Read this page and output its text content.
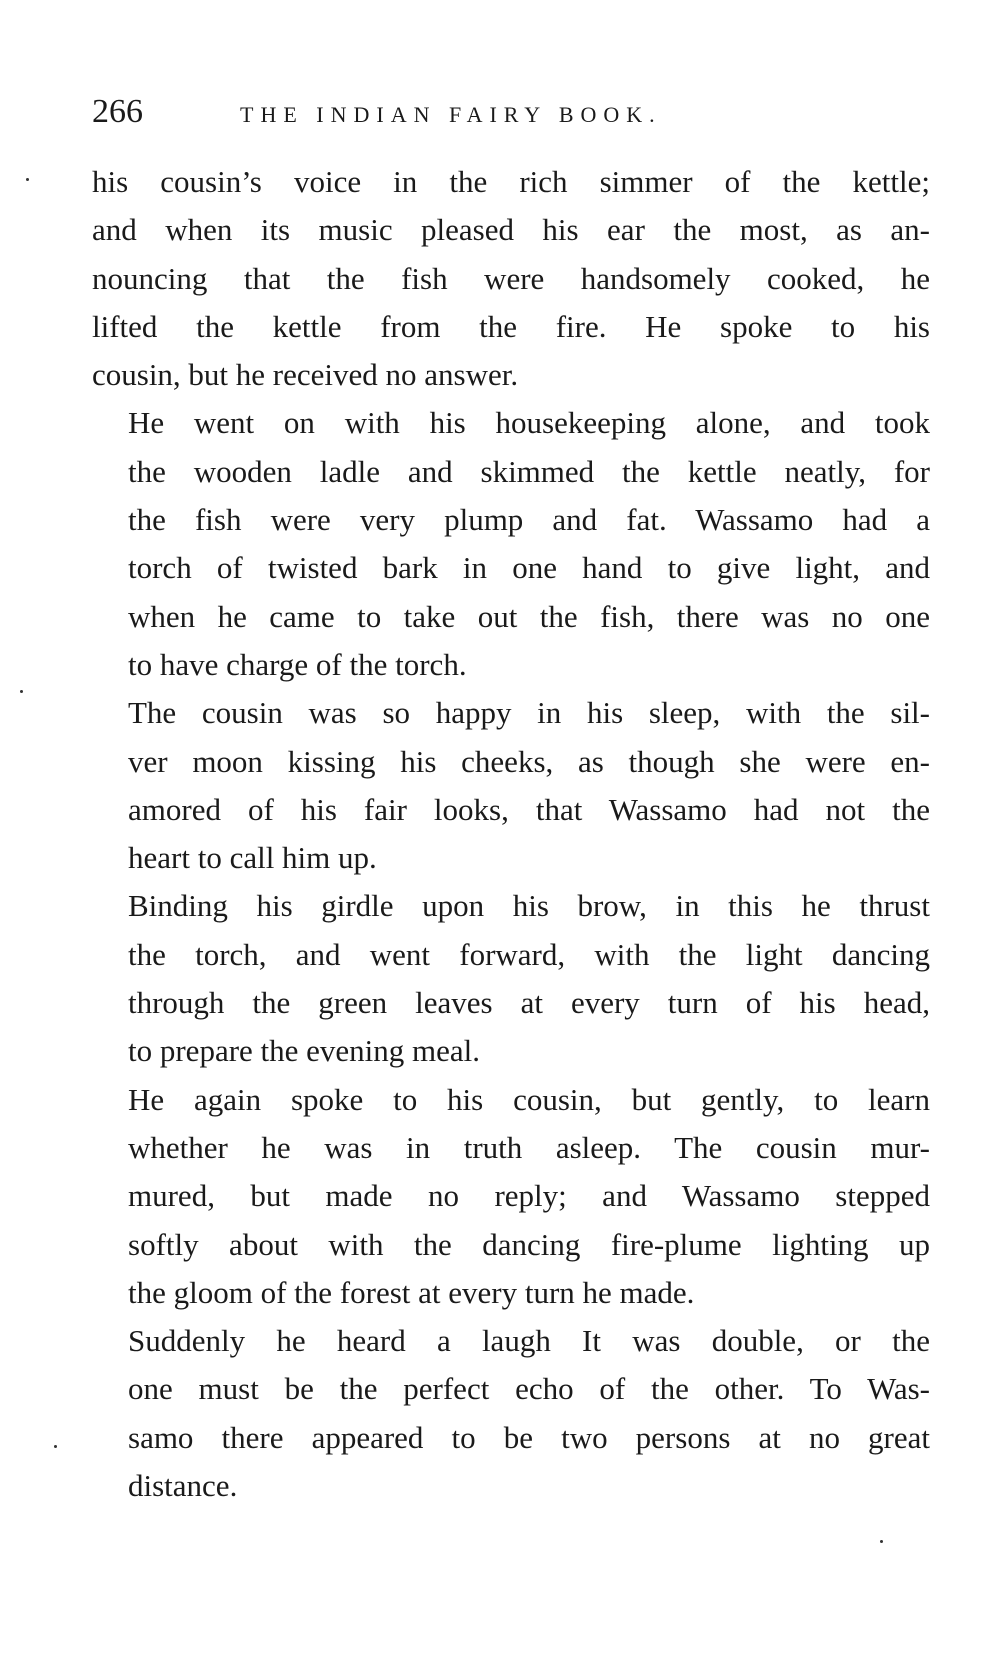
266	THE INDIAN FAIRY BOOK.

his cousin’s voice in the rich simmer of the kettle;
and when its music pleased his ear the most, as an-
nouncing that the fish were handsomely cooked, he
lifted the kettle from the fire. He spoke to his
cousin, but he received no answer.

He went on with his housekeeping alone, and took
the wooden ladle and skimmed the kettle neatly, for
the fish were very plump and fat. Wassamo had a
torch of twisted bark in one hand to give light, and
when he came to take out the fish, there was no one
to have charge of the torch.

The cousin was so happy in his sleep, with the sil-
ver moon kissing his cheeks, as though she were en-
amored of his fair looks, that Wassamo had not the
heart to call him up.

Binding his girdle upon his brow, in this he thrust
the torch, and went forward, with the light dancing
through the green leaves at every turn of his head,
to prepare the evening meal.

He again spoke to his cousin, but gently, to learn
whether he was in truth asleep. The cousin mur-
mured, but made no reply; and Wassamo stepped
softly about with the dancing fire-plume lighting up
the gloom of the forest at every turn he made.

Suddenly he heard a laugh It was double, or the
one must be the perfect echo of the other. To Was-
samo there appeared to be two persons at no great
distance.
